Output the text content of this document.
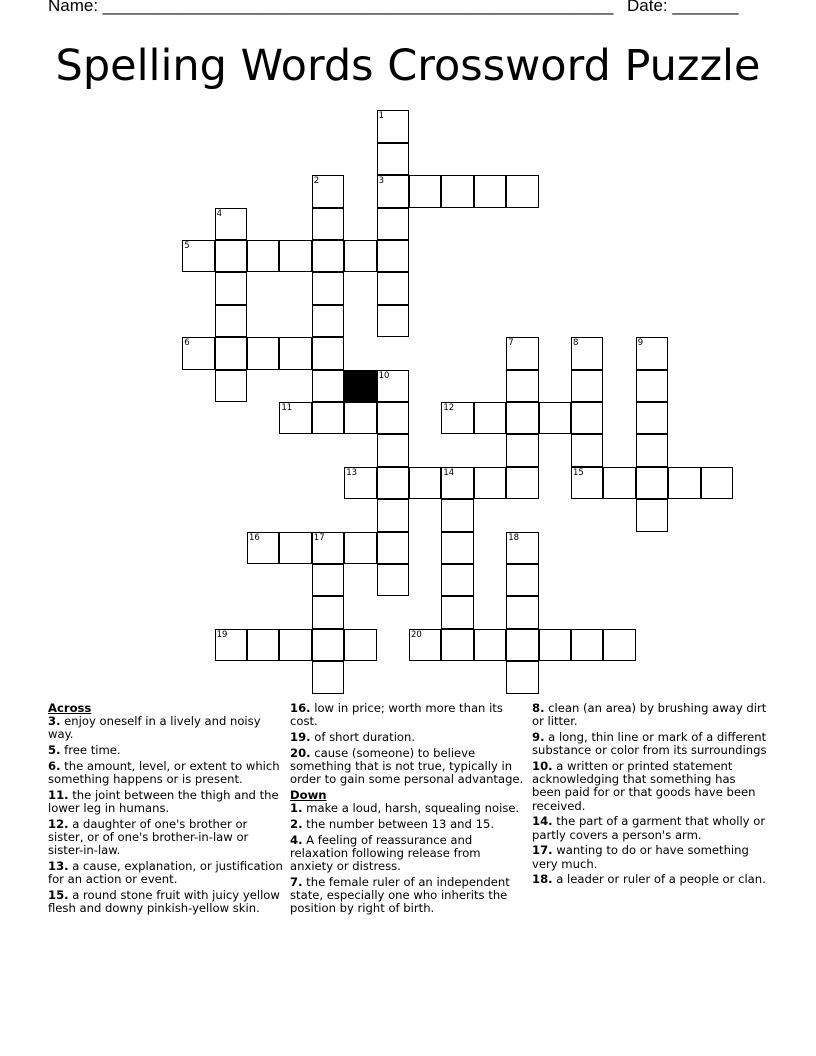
Name: ______________________________________________________ Date: _______
Spelling Words Crossword Puzzle
1
2	3
4
5
6	7	8	9
10
11	12
13	14	15
16	17	18
19	20
Across
3. enjoy oneself in a lively and noisy way.
5. free time.
6. the amount, level, or extent to which something happens or is present.
11. the joint between the thigh and the lower leg in humans.
12. a daughter of one's brother or sister, or of one's brother-in-law or sister-in-law.
13. a cause, explanation, or justification for an action or event.
15. a round stone fruit with juicy yellow flesh and downy pinkish-yellow skin.
16. low in price; worth more than its cost.
19. of short duration.
20. cause (someone) to believe something that is not true, typically in order to gain some personal advantage.
Down
1. make a loud, harsh, squealing noise.
2. the number between 13 and 15.
4. A feeling of reassurance and relaxation following release from anxiety or distress.
7. the female ruler of an independent state, especially one who inherits the position by right of birth.
8. clean (an area) by brushing away dirt or litter.
9. a long, thin line or mark of a different substance or color from its surroundings
10. a written or printed statement acknowledging that something has been paid for or that goods have been received.
14. the part of a garment that wholly or partly covers a person's arm.
17. wanting to do or have something very much.
18. a leader or ruler of a people or clan.
